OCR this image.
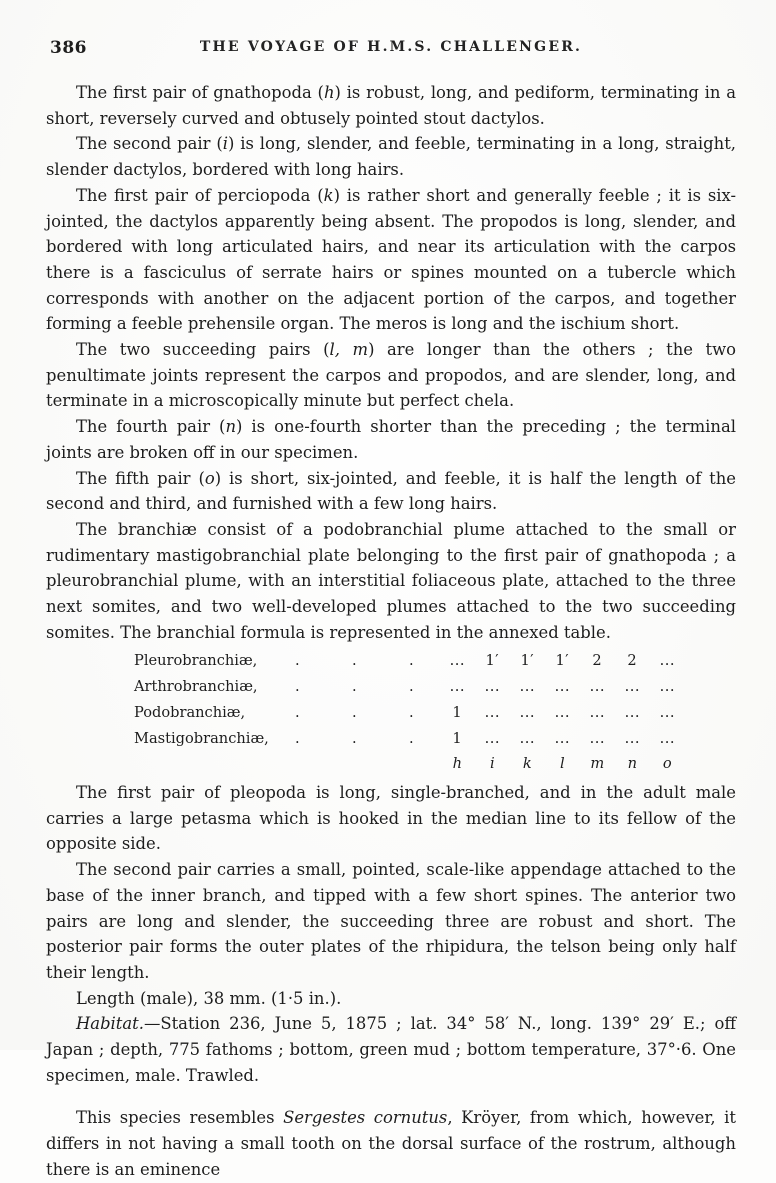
386	THE VOYAGE OF H.M.S. CHALLENGER.

The first pair of gnathopoda (h) is robust, long, and pediform, terminating in a short, reversely curved and obtusely pointed stout dactylos.

The second pair (i) is long, slender, and feeble, terminating in a long, straight, slender dactylos, bordered with long hairs.

The first pair of perciopoda (k) is rather short and generally feeble ; it is six-jointed, the dactylos apparently being absent. The propodos is long, slender, and bordered with long articulated hairs, and near its articulation with the carpos there is a fasciculus of serrate hairs or spines mounted on a tubercle which corresponds with another on the adjacent portion of the carpos, and together forming a feeble prehensile organ. The meros is long and the ischium short.

The two succeeding pairs (l, m) are longer than the others ; the two penultimate joints represent the carpos and propodos, and are slender, long, and terminate in a microscopically minute but perfect chela.

The fourth pair (n) is one-fourth shorter than the preceding ; the terminal joints are broken off in our specimen.

The fifth pair (o) is short, six-jointed, and feeble, it is half the length of the second and third, and furnished with a few long hairs.

The branchiæ consist of a podobranchial plume attached to the small or rudimentary mastigobranchial plate belonging to the first pair of gnathopoda ; a pleurobranchial plume, with an interstitial foliaceous plate, attached to the three next somites, and two well-developed plumes attached to the two succeeding somites. The branchial formula is represented in the annexed table.

Pleurobranchiæ,	.	.	.	...	1′	1′	1′	2	2	...
Arthrobranchiæ,	.	.	.	...	...	...	...	...	...	...
Podobranchiæ,	.	.	.	1	...	...	...	...	...	...
Mastigobranchiæ,	.	.	.	1	...	...	...	...	...	...
				h	i	k	l	m	n	o

The first pair of pleopoda is long, single-branched, and in the adult male carries a large petasma which is hooked in the median line to its fellow of the opposite side.

The second pair carries a small, pointed, scale-like appendage attached to the base of the inner branch, and tipped with a few short spines. The anterior two pairs are long and slender, the succeeding three are robust and short. The posterior pair forms the outer plates of the rhipidura, the telson being only half their length.

Length (male), 38 mm. (1·5 in.).

Habitat.—Station 236, June 5, 1875 ; lat. 34° 58′ N., long. 139° 29′ E.; off Japan ; depth, 775 fathoms ; bottom, green mud ; bottom temperature, 37°·6. One specimen, male. Trawled.

This species resembles Sergestes cornutus, Kröyer, from which, however, it differs in not having a small tooth on the dorsal surface of the rostrum, although there is an eminence
